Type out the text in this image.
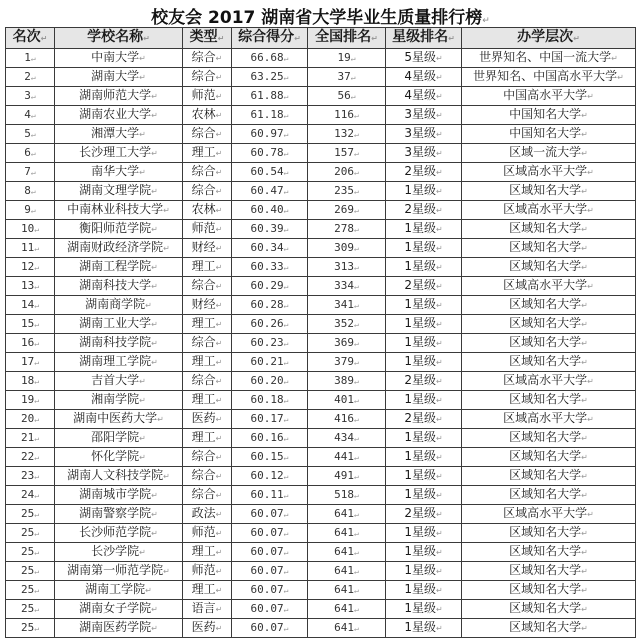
校友会 2017 湖南省大学毕业生质量排行榜↵
名次↵	学校名称↵	类型↵	综合得分↵	全国排名↵	星级排名↵	办学层次↵
1↵	中南大学↵	综合↵	66.68↵	19↵	5星级↵	世界知名、中国一流大学↵
2↵	湖南大学↵	综合↵	63.25↵	37↵	4星级↵	世界知名、中国高水平大学↵
3↵	湖南师范大学↵	师范↵	61.88↵	56↵	4星级↵	中国高水平大学↵
4↵	湖南农业大学↵	农林↵	61.18↵	116↵	3星级↵	中国知名大学↵
5↵	湘潭大学↵	综合↵	60.97↵	132↵	3星级↵	中国知名大学↵
6↵	长沙理工大学↵	理工↵	60.78↵	157↵	3星级↵	区域一流大学↵
7↵	南华大学↵	综合↵	60.54↵	206↵	2星级↵	区域高水平大学↵
8↵	湖南文理学院↵	综合↵	60.47↵	235↵	1星级↵	区域知名大学↵
9↵	中南林业科技大学↵	农林↵	60.40↵	269↵	2星级↵	区域高水平大学↵
10↵	衡阳师范学院↵	师范↵	60.39↵	278↵	1星级↵	区域知名大学↵
11↵	湖南财政经济学院↵	财经↵	60.34↵	309↵	1星级↵	区域知名大学↵
12↵	湖南工程学院↵	理工↵	60.33↵	313↵	1星级↵	区域知名大学↵
13↵	湖南科技大学↵	综合↵	60.29↵	334↵	2星级↵	区域高水平大学↵
14↵	湖南商学院↵	财经↵	60.28↵	341↵	1星级↵	区域知名大学↵
15↵	湖南工业大学↵	理工↵	60.26↵	352↵	1星级↵	区域知名大学↵
16↵	湖南科技学院↵	综合↵	60.23↵	369↵	1星级↵	区域知名大学↵
17↵	湖南理工学院↵	理工↵	60.21↵	379↵	1星级↵	区域知名大学↵
18↵	吉首大学↵	综合↵	60.20↵	389↵	2星级↵	区域高水平大学↵
19↵	湘南学院↵	理工↵	60.18↵	401↵	1星级↵	区域知名大学↵
20↵	湖南中医药大学↵	医药↵	60.17↵	416↵	2星级↵	区域高水平大学↵
21↵	邵阳学院↵	理工↵	60.16↵	434↵	1星级↵	区域知名大学↵
22↵	怀化学院↵	综合↵	60.15↵	441↵	1星级↵	区域知名大学↵
23↵	湖南人文科技学院↵	综合↵	60.12↵	491↵	1星级↵	区域知名大学↵
24↵	湖南城市学院↵	综合↵	60.11↵	518↵	1星级↵	区域知名大学↵
25↵	湖南警察学院↵	政法↵	60.07↵	641↵	2星级↵	区域高水平大学↵
25↵	长沙师范学院↵	师范↵	60.07↵	641↵	1星级↵	区域知名大学↵
25↵	长沙学院↵	理工↵	60.07↵	641↵	1星级↵	区域知名大学↵
25↵	湖南第一师范学院↵	师范↵	60.07↵	641↵	1星级↵	区域知名大学↵
25↵	湖南工学院↵	理工↵	60.07↵	641↵	1星级↵	区域知名大学↵
25↵	湖南女子学院↵	语言↵	60.07↵	641↵	1星级↵	区域知名大学↵
25↵	湖南医药学院↵	医药↵	60.07↵	641↵	1星级↵	区域知名大学↵
